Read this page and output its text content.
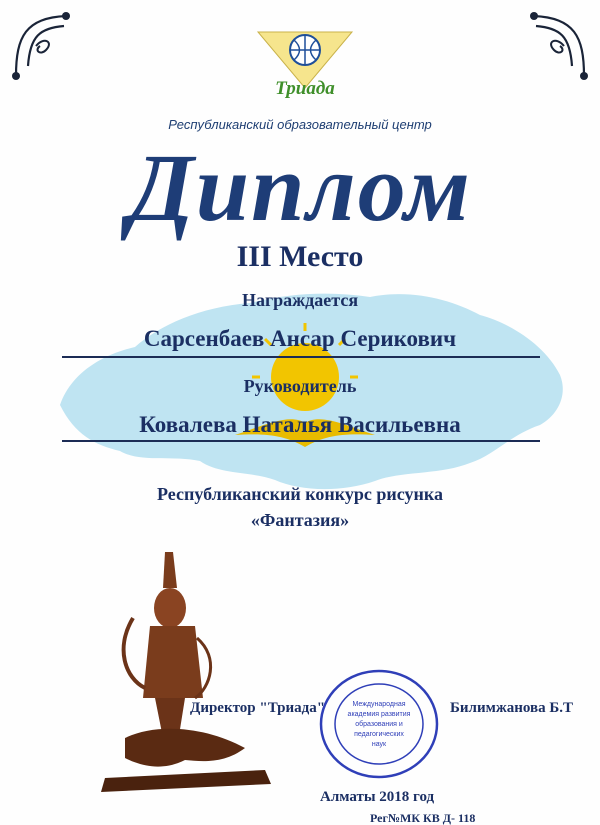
Триада
Республиканский образовательный центр
Диплом
III Место
Награждается
Сарсенбаев Ансар Серикович
Руководитель
Ковалева Наталья Васильевна
Республиканский конкурс рисунка
«Фантазия»
Директор "Триада"	Международная
академия развития
образования и
педагогических
наук
Билимжанова Б.Т
Алматы 2018 год
Рег№МК КВ Д- 118
